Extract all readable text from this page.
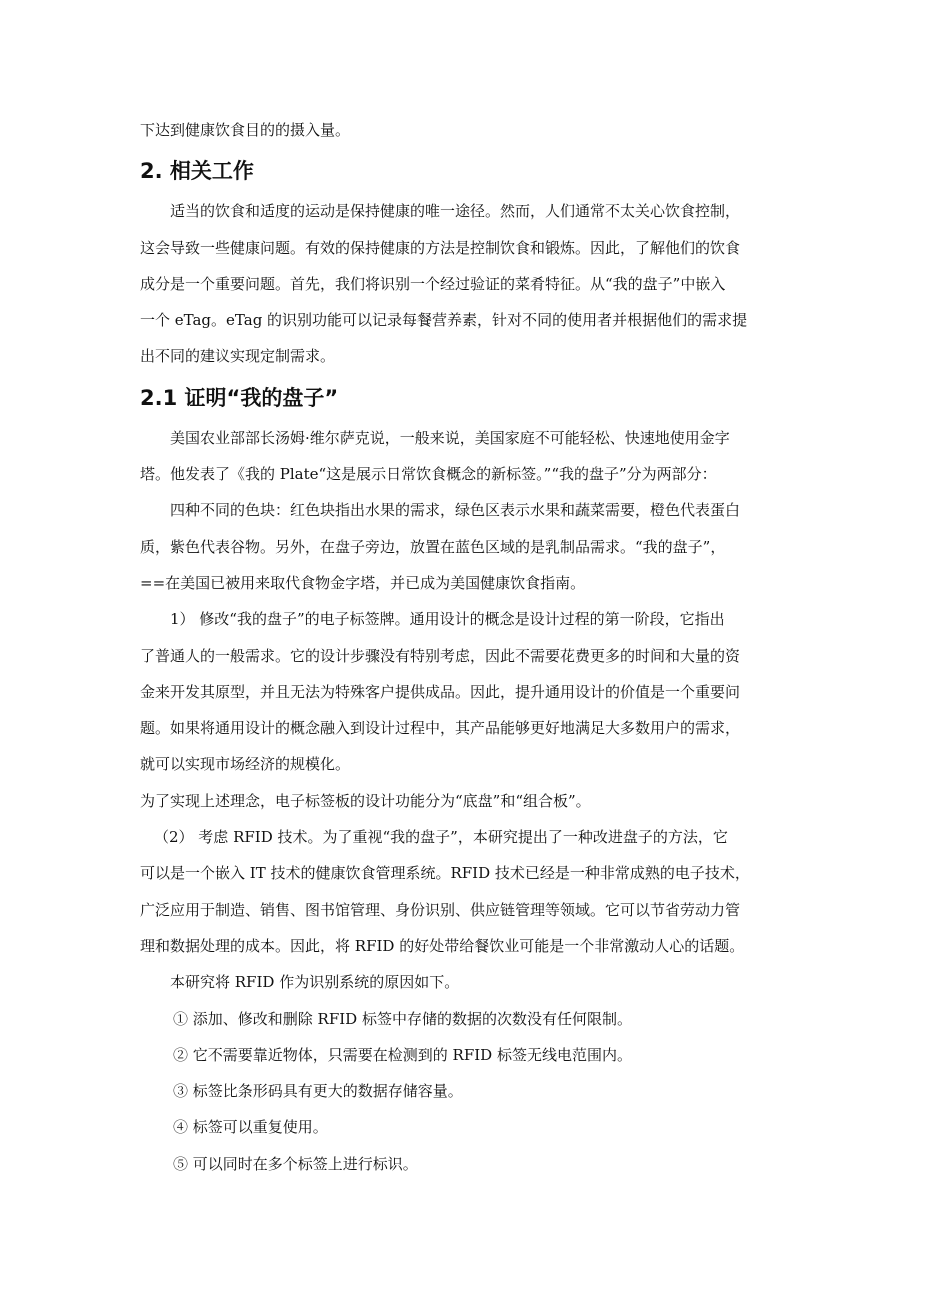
下达到健康饮食目的的摄入量。

2. 相关工作

适当的饮食和适度的运动是保持健康的唯一途径。然而，人们通常不太关心饮食控制，

这会导致一些健康问题。有效的保持健康的方法是控制饮食和锻炼。因此，了解他们的饮食

成分是一个重要问题。首先，我们将识别一个经过验证的菜肴特征。从“我的盘子”中嵌入

一个 eTag。eTag 的识别功能可以记录每餐营养素，针对不同的使用者并根据他们的需求提

出不同的建议实现定制需求。

2.1 证明“我的盘子”

美国农业部部长汤姆·维尔萨克说，一般来说，美国家庭不可能轻松、快速地使用金字

塔。他发表了《我的 Plate“这是展示日常饮食概念的新标签。”“我的盘子”分为两部分：

四种不同的色块：红色块指出水果的需求，绿色区表示水果和蔬菜需要，橙色代表蛋白

质，紫色代表谷物。另外，在盘子旁边，放置在蓝色区域的是乳制品需求。“我的盘子”，

==在美国已被用来取代食物金字塔，并已成为美国健康饮食指南。

1） 修改“我的盘子”的电子标签牌。通用设计的概念是设计过程的第一阶段，它指出

了普通人的一般需求。它的设计步骤没有特别考虑，因此不需要花费更多的时间和大量的资

金来开发其原型，并且无法为特殊客户提供成品。因此，提升通用设计的价值是一个重要问

题。如果将通用设计的概念融入到设计过程中，其产品能够更好地满足大多数用户的需求，

就可以实现市场经济的规模化。

为了实现上述理念，电子标签板的设计功能分为“底盘”和“组合板”。

（2） 考虑 RFID 技术。为了重视“我的盘子”，本研究提出了一种改进盘子的方法，它

可以是一个嵌入 IT 技术的健康饮食管理系统。RFID 技术已经是一种非常成熟的电子技术，

广泛应用于制造、销售、图书馆管理、身份识别、供应链管理等领域。它可以节省劳动力管

理和数据处理的成本。因此，将 RFID 的好处带给餐饮业可能是一个非常激动人心的话题。

本研究将 RFID 作为识别系统的原因如下。

① 添加、修改和删除 RFID 标签中存储的数据的次数没有任何限制。

② 它不需要靠近物体，只需要在检测到的 RFID 标签无线电范围内。

③ 标签比条形码具有更大的数据存储容量。

④ 标签可以重复使用。

⑤ 可以同时在多个标签上进行标识。
